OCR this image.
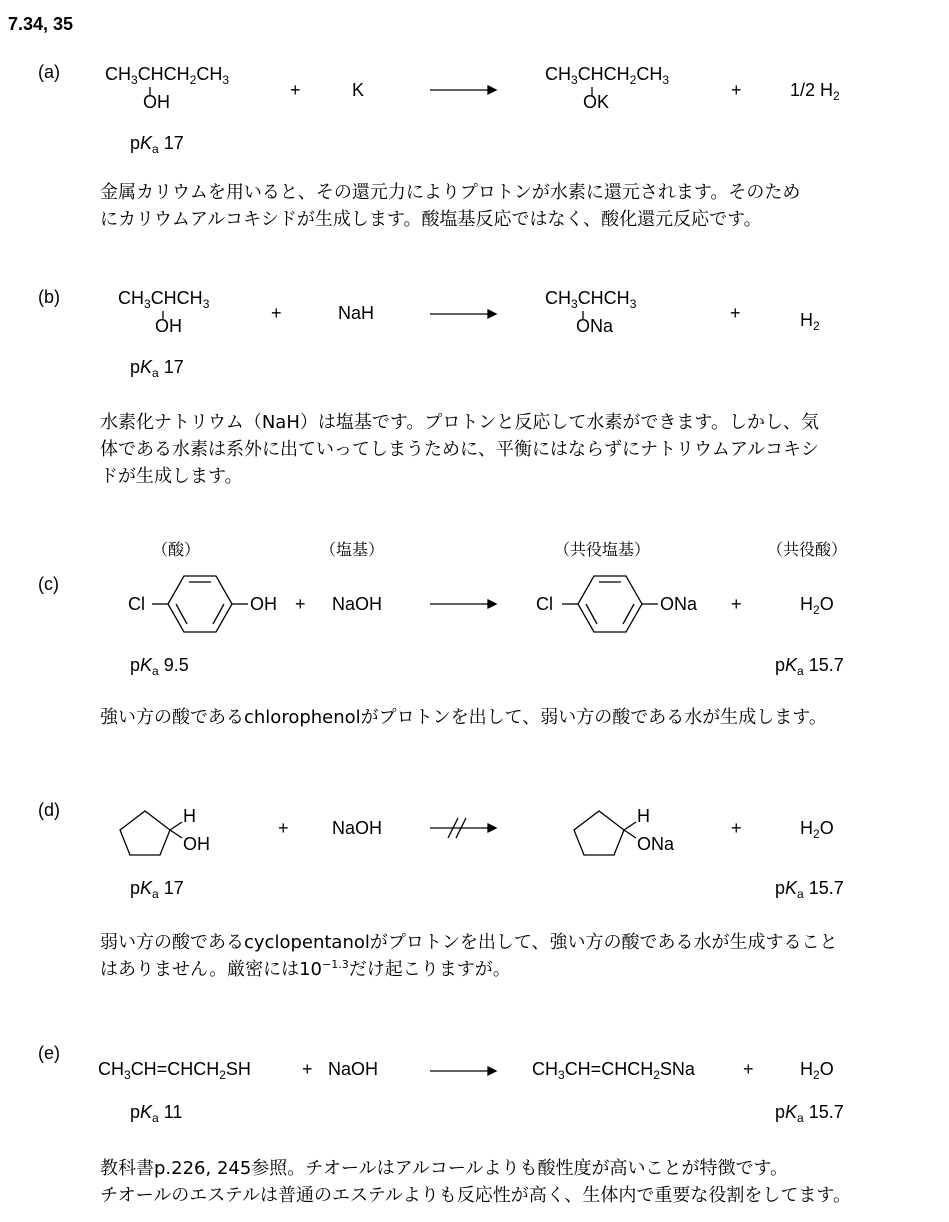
7.34, 35
(a)	$CH_3CHCH_2CH_3$
OH
+	K
$CH_3CHCH_2CH_3$
OK
+	1/2 $H_2$
$pK_a$ 17
金属カリウムを用いると、その還元力によりプロトンが水素に還元されます。そのため
にカリウムアルコキシドが生成します。酸塩基反応ではなく、酸化還元反応です。
(b)	$CH_3CHCH_3$
OH
+	NaH
$CH_3CHCH_3$
ONa
+	$H_2$
$pK_a$ 17
水素化ナトリウム（NaH）は塩基です。プロトンと反応して水素ができます。しかし、気
体である水素は系外に出ていってしまうために、平衡にはならずにナトリウムアルコキシ
ドが生成します。
（酸）	（塩基）	（共役塩基）	（共役酸）
(c)
Cl	OH + NaOH	Cl	ONa +	$H_2O$
$pK_a$ 9.5	$pK_a$ 15.7
強い方の酸であるchlorophenolがプロトンを出して、弱い方の酸である水が生成します。
(d)	H
OH
+ NaOH
H
ONa
+	$H_2O$
$pK_a$ 17	$pK_a$ 15.7
弱い方の酸であるcyclopentanolがプロトンを出して、強い方の酸である水が生成すること
はありません。厳密には$10^{-1.3}$だけ起こりますが。
(e)
$CH_3CH=CHCH_2SH$	+ NaOH	$CH_3CH=CHCH_2SNa$	+	$H_2O$
$pK_a$ 11	$pK_a$ 15.7
教科書p.226, 245参照。チオールはアルコールよりも酸性度が高いことが特徴です。
チオールのエステルは普通のエステルよりも反応性が高く、生体内で重要な役割をしてます。
